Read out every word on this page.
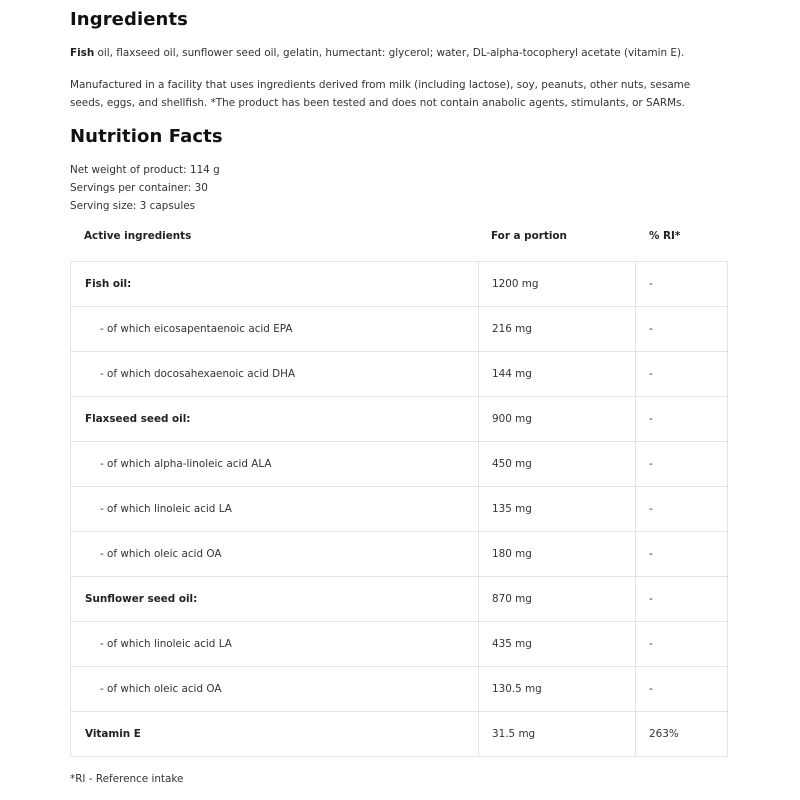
Ingredients
Fish oil, flaxseed oil, sunflower seed oil, gelatin, humectant: glycerol; water, DL-alpha-tocopheryl acetate (vitamin E).
Manufactured in a facility that uses ingredients derived from milk (including lactose), soy, peanuts, other nuts, sesame seeds, eggs, and shellfish. *The product has been tested and does not contain anabolic agents, stimulants, or SARMs.
Nutrition Facts
Net weight of product: 114 g
Servings per container: 30
Serving size: 3 capsules
Active ingredients	For a portion	% RI*
Fish oil:	1200 mg	-
- of which eicosapentaenoic acid EPA	216 mg	-
- of which docosahexaenoic acid DHA	144 mg	-
Flaxseed seed oil:	900 mg	-
- of which alpha-linoleic acid ALA	450 mg	-
- of which linoleic acid LA	135 mg	-
- of which oleic acid OA	180 mg	-
Sunflower seed oil:	870 mg	-
- of which linoleic acid LA	435 mg	-
- of which oleic acid OA	130.5 mg	-
Vitamin E	31.5 mg	263%
*RI - Reference intake
